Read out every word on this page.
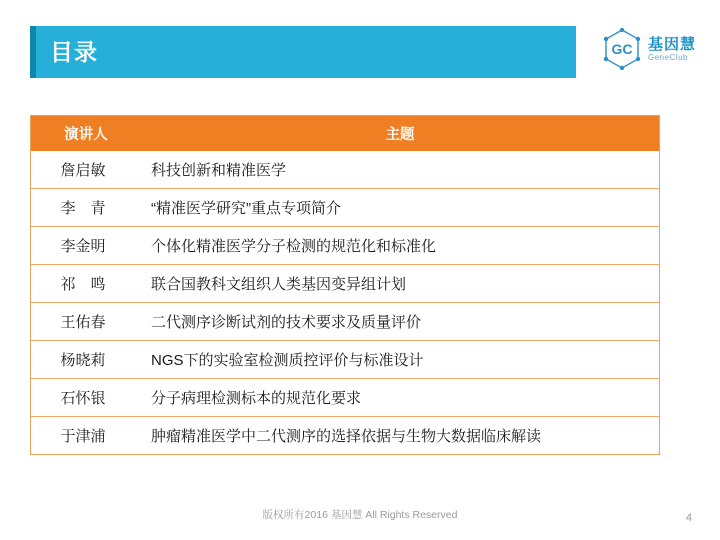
目录	GC 基因慧
GeneClub
演讲人	主题
詹启敏	科技创新和精准医学
李　青	“精准医学研究”重点专项简介
李金明	个体化精准医学分子检测的规范化和标准化
祁　鸣	联合国教科文组织人类基因变异组计划
王佑春	二代测序诊断试剂的技术要求及质量评价
杨晓莉	NGS下的实验室检测质控评价与标准设计
石怀银	分子病理检测标本的规范化要求
于津浦	肿瘤精准医学中二代测序的选择依据与生物大数据临床解读
版权所有2016 基因慧 All Rights Reserved	4
